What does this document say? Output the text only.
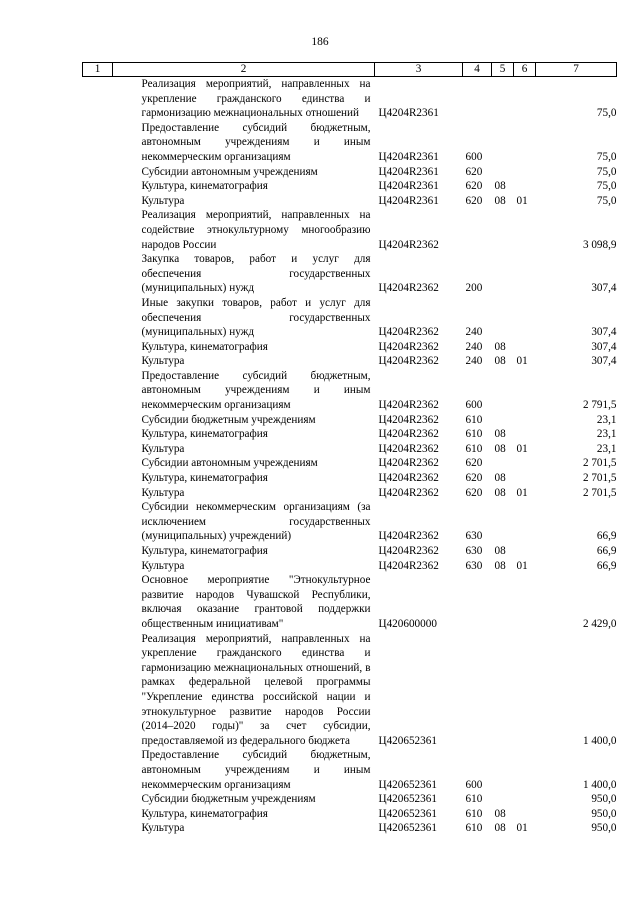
186
1	2	3	4	5	6	7
	Реализация мероприятий, направленных на укрепление гражданского единства и гармонизацию межнациональных отношений	Ц4204R2361				75,0
	Предоставление субсидий бюджетным, автономным учреждениям и иным некоммерческим организациям	Ц4204R2361	600			75,0
	Субсидии автономным учреждениям	Ц4204R2361	620			75,0
	Культура, кинематография	Ц4204R2361	620	08		75,0
	Культура	Ц4204R2361	620	08	01	75,0
	Реализация мероприятий, направленных на содействие этнокультурному многообразию народов России	Ц4204R2362				3 098,9
	Закупка товаров, работ и услуг для обеспечения государственных (муниципальных) нужд	Ц4204R2362	200			307,4
	Иные закупки товаров, работ и услуг для обеспечения государственных (муниципальных) нужд	Ц4204R2362	240			307,4
	Культура, кинематография	Ц4204R2362	240	08		307,4
	Культура	Ц4204R2362	240	08	01	307,4
	Предоставление субсидий бюджетным, автономным учреждениям и иным некоммерческим организациям	Ц4204R2362	600			2 791,5
	Субсидии бюджетным учреждениям	Ц4204R2362	610			23,1
	Культура, кинематография	Ц4204R2362	610	08		23,1
	Культура	Ц4204R2362	610	08	01	23,1
	Субсидии автономным учреждениям	Ц4204R2362	620			2 701,5
	Культура, кинематография	Ц4204R2362	620	08		2 701,5
	Культура	Ц4204R2362	620	08	01	2 701,5
	Субсидии некоммерческим организациям (за исключением государственных (муниципальных) учреждений)	Ц4204R2362	630			66,9
	Культура, кинематография	Ц4204R2362	630	08		66,9
	Культура	Ц4204R2362	630	08	01	66,9
	Основное мероприятие "Этнокультурное развитие народов Чувашской Республики, включая оказание грантовой поддержки общественным инициативам"	Ц420600000				2 429,0
	Реализация мероприятий, направленных на укрепление гражданского единства и гармонизацию межнациональных отношений, в рамках федеральной целевой программы "Укрепление единства российской нации и этнокультурное развитие народов России (2014–2020 годы)" за счет субсидии, предоставляемой из федерального бюджета	Ц420652361				1 400,0
	Предоставление субсидий бюджетным, автономным учреждениям и иным некоммерческим организациям	Ц420652361	600			1 400,0
	Субсидии бюджетным учреждениям	Ц420652361	610			950,0
	Культура, кинематография	Ц420652361	610	08		950,0
	Культура	Ц420652361	610	08	01	950,0
